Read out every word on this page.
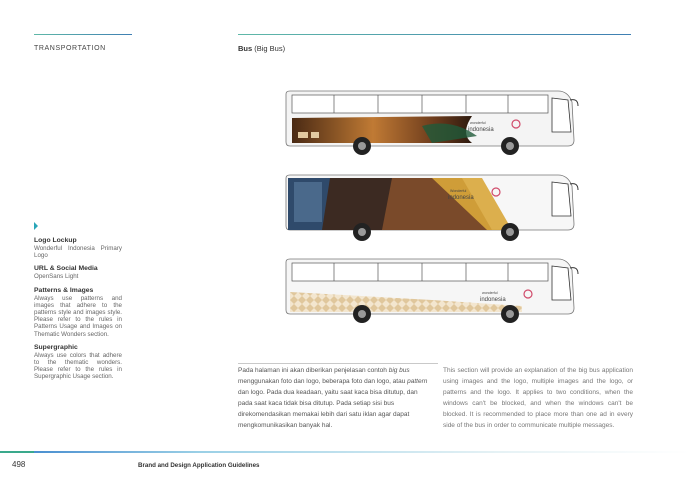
TRANSPORTATION	Bus (Big Bus)
Logo Lockup
Wonderful Indonesia Primary Logo
URL & Social Media
OpenSans Light
Patterns & Images
Always use patterns and images that adhere to the patterns style and images style. Please refer to the rules in Patterns Usage and Images on Thematic Wonders section.
Supergraphic
Always use colors that adhere to the thematic wonders. Please refer to the rules in Supergraphic Usage section.
wonderful
indonesia
Wonderful
indonesia
wonderful
indonesia
Pada halaman ini akan diberikan penjelasan contoh big bus menggunakan foto dan logo, beberapa foto dan logo, atau pattern dan logo. Pada dua keadaan, yaitu saat kaca bisa ditutup, dan pada saat kaca tidak bisa ditutup. Pada setiap sisi bus direkomendasikan memakai lebih dari satu iklan agar dapat mengkomunikasikan banyak hal.
This section will provide an explanation of the big bus application using images and the logo, multiple images and the logo, or patterns and the logo. It applies to two conditions, when the windows can't be blocked, and when the windows can't be blocked. It is recommended to place more than one ad in every side of the bus in order to communicate multiple messages.
498	Brand and Design Application Guidelines
